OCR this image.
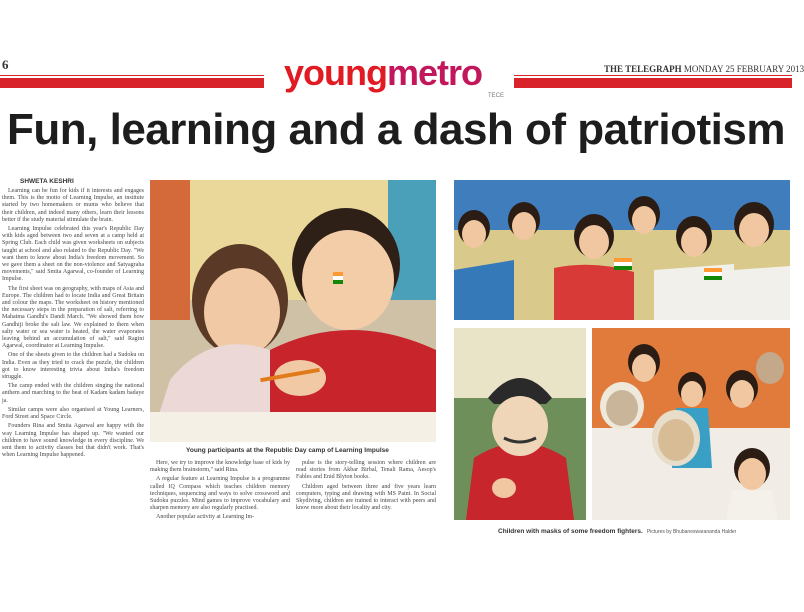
6	youngmetro
TECE
THE TELEGRAPH MONDAY 25 FEBRUARY 2013
Fun, learning and a dash of patriotism
SHWETA KESHRI

Learning can be fun for kids if it interests and engages them. This is the motto of Learning Impulse, an institute started by two homemakers or mums who believe that their children, and indeed many others, learn their lessons better if the study material stimulate the brain.

Learning Impulse celebrated this year's Republic Day with kids aged between two and seven at a camp held at Spring Club. Each child was given worksheets on subjects taught at school and also related to the Republic Day. "We want them to know about India's freedom movement. So we gave them a sheet on the non-violence and Satyagraha movements," said Smita Agarwal, co-founder of Learning Impulse.

The first sheet was on geography, with maps of Asia and Europe. The children had to locate India and Great Britain and colour the maps. The worksheet on history mentioned the necessary steps in the preparation of salt, referring to Mahatma Gandhi's Dandi March. "We showed them how Gandhiji broke the salt law. We explained to them when salty water or sea water is heated, the water evaporates leaving behind an accumulation of salt," said Ragini Agarwal, coordinator at Learning Impulse.

One of the sheets given to the children had a Sudoku on India. Even as they tried to crack the puzzle, the children got to know interesting trivia about India's freedom struggle.

The camp ended with the children singing the national anthem and marching to the beat of Kadam kadam badaye ja.

Similar camps were also organised at Young Learners, Ford Street and Space Circle.

Founders Rina and Smita Agarwal are happy with the way Learning Impulse has shaped up. "We wanted our children to have sound knowledge in every discipline. We sent them to activity classes but that didn't work. That's when Learning Impulse happened.

Here, we try to improve the knowledge base of kids by making them brainstorm," said Rina.

A regular feature at Learning Impulse is a programme called IQ Compass which teaches children memory techniques, sequencing and ways to solve crossword and Sudoku puzzles. Mind games to improve vocabulary and sharpen memory are also regularly practised.

Another popular activity at Learning Im-

pulse is the story-telling session where children are read stories from Akbar Birbal, Tenali Rama, Aesop's Fables and Enid Blyton books.

Children aged between three and five years learn computers, typing and drawing with MS Paint. In Social Skydiving, children are trained to interact with peers and know more about their locality and city.

Young participants at the Republic Day camp of Learning Impulse
Children with masks of some freedom fighters. Pictures by Bhubaneswarananda Halder
